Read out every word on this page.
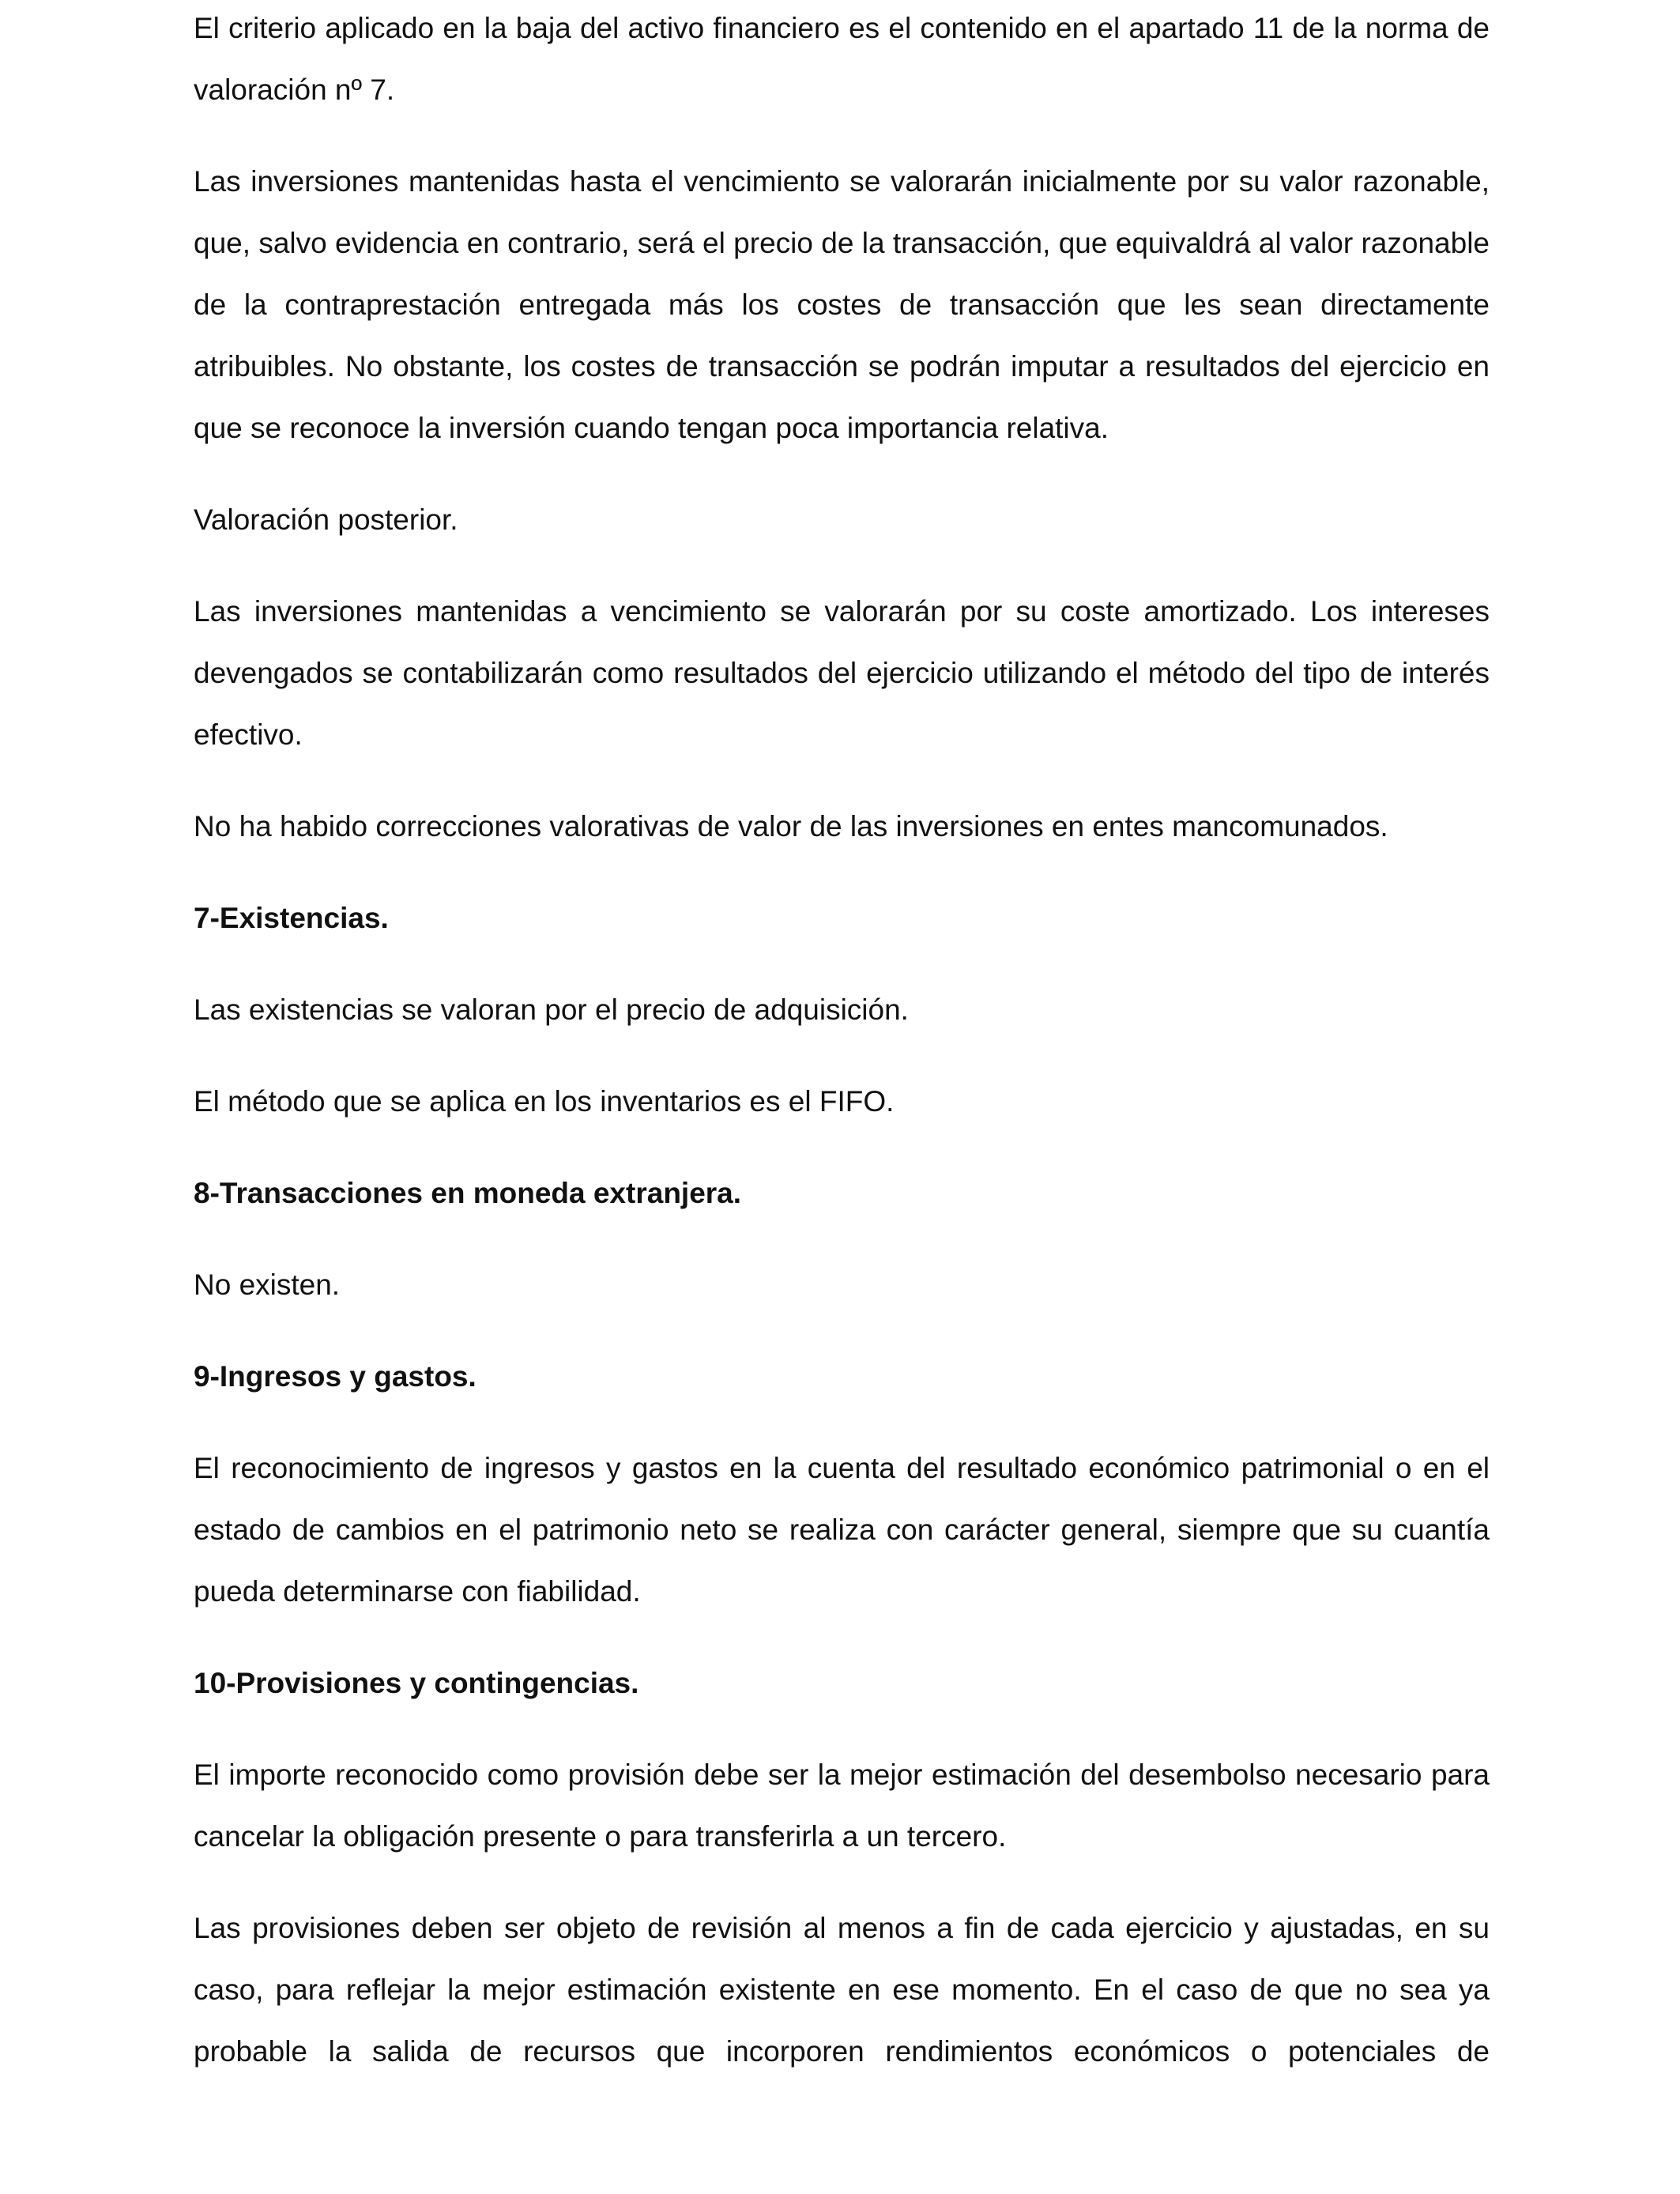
El criterio aplicado en la baja del activo financiero es el contenido en el apartado 11 de la norma de valoración nº 7.

Las inversiones mantenidas hasta el vencimiento se valorarán inicialmente por su valor razonable, que, salvo evidencia en contrario, será el precio de la transacción, que equivaldrá al valor razonable de la contraprestación entregada más los costes de transacción que les sean directamente atribuibles. No obstante, los costes de transacción se podrán imputar a resultados del ejercicio en que se reconoce la inversión cuando tengan poca importancia relativa.

Valoración posterior.

Las inversiones mantenidas a vencimiento se valorarán por su coste amortizado. Los intereses devengados se contabilizarán como resultados del ejercicio utilizando el método del tipo de interés efectivo.

No ha habido correcciones valorativas de valor de las inversiones en entes mancomunados.

7-Existencias.

Las existencias se valoran por el precio de adquisición.

El método que se aplica en los inventarios es el FIFO.

8-Transacciones en moneda extranjera.

No existen.

9-Ingresos y gastos.

El reconocimiento de ingresos y gastos en la cuenta del resultado económico patrimonial o en el estado de cambios en el patrimonio neto se realiza con carácter general, siempre que su cuantía pueda determinarse con fiabilidad.

10-Provisiones y contingencias.

El importe reconocido como provisión debe ser la mejor estimación del desembolso necesario para cancelar la obligación presente o para transferirla a un tercero.

Las provisiones deben ser objeto de revisión al menos a fin de cada ejercicio y ajustadas, en su caso, para reflejar la mejor estimación existente en ese momento. En el caso de que no sea ya probable la salida de recursos que incorporen rendimientos económicos o potenciales de
